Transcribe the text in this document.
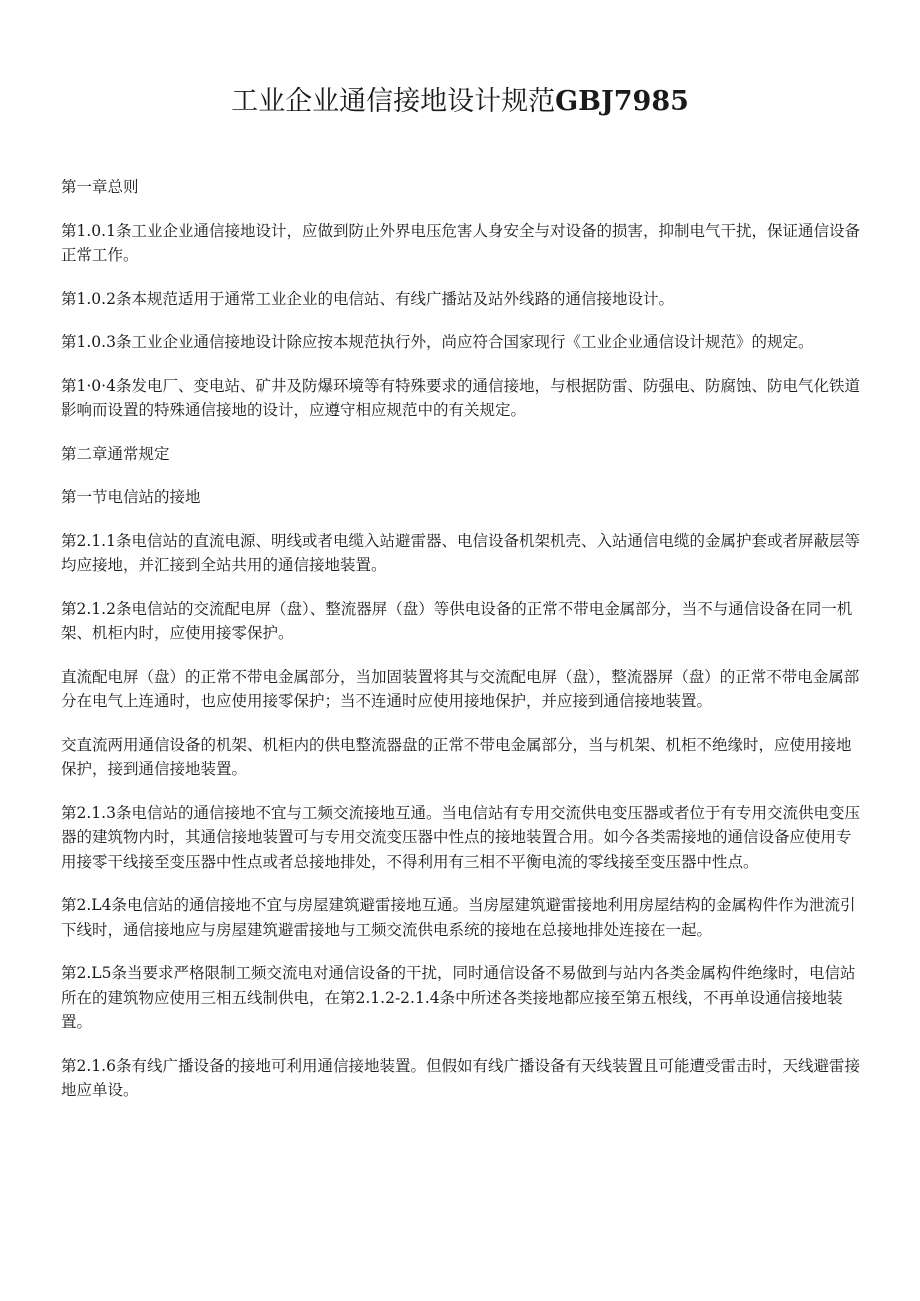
工业企业通信接地设计规范GBJ7985

第一章总则

第1.0.1条工业企业通信接地设计，应做到防止外界电压危害人身安全与对设备的损害，抑制电气干扰，保证通信设备正常工作。

第1.0.2条本规范适用于通常工业企业的电信站、有线广播站及站外线路的通信接地设计。

第1.0.3条工业企业通信接地设计除应按本规范执行外，尚应符合国家现行《工业企业通信设计规范》的规定。

第1·0·4条发电厂、变电站、矿井及防爆环境等有特殊要求的通信接地，与根据防雷、防强电、防腐蚀、防电气化铁道影响而设置的特殊通信接地的设计，应遵守相应规范中的有关规定。

第二章通常规定

第一节电信站的接地

第2.1.1条电信站的直流电源、明线或者电缆入站避雷器、电信设备机架机壳、入站通信电缆的金属护套或者屏蔽层等均应接地，并汇接到全站共用的通信接地装置。

第2.1.2条电信站的交流配电屏（盘）、整流器屏（盘）等供电设备的正常不带电金属部分，当不与通信设备在同一机架、机柜内时，应使用接零保护。

直流配电屏（盘）的正常不带电金属部分，当加固装置将其与交流配电屏（盘），整流器屏（盘）的正常不带电金属部分在电气上连通时，也应使用接零保护；当不连通时应使用接地保护，并应接到通信接地装置。

交直流两用通信设备的机架、机柜内的供电整流器盘的正常不带电金属部分，当与机架、机柜不绝缘时，应使用接地保护，接到通信接地装置。

第2.1.3条电信站的通信接地不宜与工频交流接地互通。当电信站有专用交流供电变压器或者位于有专用交流供电变压器的建筑物内时，其通信接地装置可与专用交流变压器中性点的接地装置合用。如今各类需接地的通信设备应使用专用接零干线接至变压器中性点或者总接地排处，不得利用有三相不平衡电流的零线接至变压器中性点。

第2.L4条电信站的通信接地不宜与房屋建筑避雷接地互通。当房屋建筑避雷接地利用房屋结构的金属构件作为泄流引下线时，通信接地应与房屋建筑避雷接地与工频交流供电系统的接地在总接地排处连接在一起。

第2.L5条当要求严格限制工频交流电对通信设备的干扰，同时通信设备不易做到与站内各类金属构件绝缘时，电信站所在的建筑物应使用三相五线制供电，在第2.1.2-2.1.4条中所述各类接地都应接至第五根线，不再单设通信接地装置。

第2.1.6条有线广播设备的接地可利用通信接地装置。但假如有线广播设备有天线装置且可能遭受雷击时，天线避雷接地应单设。
